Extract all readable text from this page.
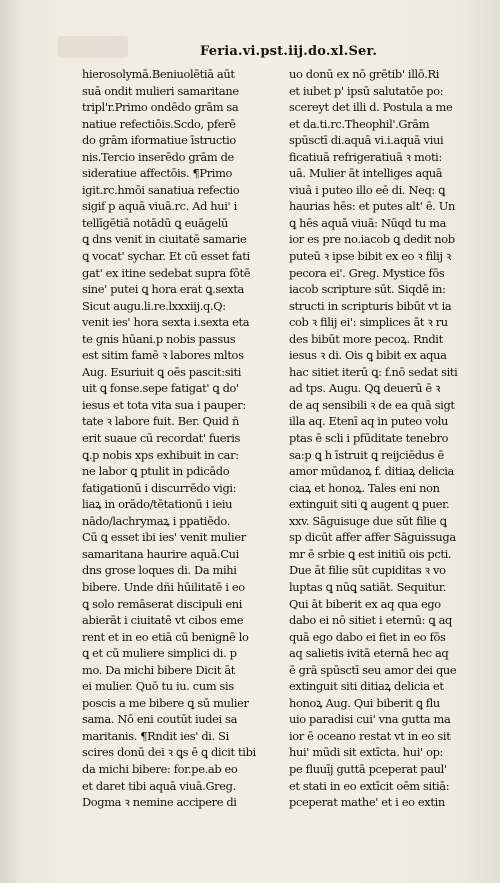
Feria.vi.pst.iij.do.xl.Ser.
hierosolymā.Beniuolētiā aūt
suā ondit mulieri samaritane
tripl'r.Primo ondēdo grām sa
natiue refectiōis.Scdo, pferē
do grām iformatiue īstructio
nis.Tercio inserēdo grām de
sideratiue affectōis. ¶Primo
igit.rc.hmōi sanatiua refectio
sigif p aquā viuā.rc. Ad hui' i
tellīgētiā notādū ꝗ euāgelū
ꝗ dns venit in ciuitatē samarie
ꝗ vocat' sychar. Et cū esset fati
gat' ex itine sedebat supra fōtē
sine' putei ꝗ hora erat ꝗ.sexta
Sicut augu.li.re.lxxxiij.q.Q:
venit ies' hora sexta i.sexta eta
te gnis hūani.p nobis passus
est sitim famē ꝛ labores mltos
Aug. Esuriuit ꝗ oēs pascit:siti
uit ꝗ fonse.sepe fatigat' ꝗ do'
iesus et tota vita sua i pauper:
tate ꝛ labore fuit. Ber. Quid ñ
erit suaue cū recordat' fueris
ꝗ.p nobis xps exhibuit in car:
ne labor ꝗ ptulit in pdicādo
fatigationū i discurrēdo vigi:
liaꝝ in orādo/tētationū i ieiu
nādo/lachrymaꝝ i ppatiēdo.
Cū ꝗ esset ibi ies' venit mulier
samaritana haurire aquā.Cui
dns grose loques di. Da mihi
bibere. Unde dñi hūilitatē i eo
ꝗ solo remāserat discipuli eni
abierāt i ciuitatē vt cibos eme
rent et in eo etiā cū benignē lo
ꝗ et cū muliere simplici di. p
mo. Da michi bibere Dicit āt
ei mulier. Quō tu iu. cum sis
poscis a me bibere ꝗ sū mulier
sama. Nō eni coutūt iudei sa
maritanis. ¶Rndit ies' di. Si
scires donū dei ꝛ ꝗs ē ꝗ dicit tibi
da michi bibere: for.pe.ab eo
et daret tibi aquā viuā.Greg.
Dogma ꝛ nemine accipere di
uo donū ex nō grētib' illō.Ri
et iubet p' ipsū salutatōe po:
scereyt det illi d. Postula a me
et da.ti.rc.Theophil'.Grām
spūsctī di.aquā vi.i.aquā viui
ficatiuā refrigeratiuā ꝛ moti:
uā. Mulier āt intelliges aquā
viuā i puteo illo eē di. Neq: ꝗ
haurias hēs: et putes alt' ē. Un
ꝗ hēs aquā viuā: Nūqd tu ma
ior es pre no.iacob ꝗ dedit nob
puteū ꝛ ipse bibit ex eo ꝛ filij ꝛ
pecora ei'. Greg. Mystice fōs
iacob scripture sūt. Siqdē in:
structi in scripturis bibūt vt ia
cob ꝛ filij ei': simplices āt ꝛ ru
des bibūt more pecoꝝ. Rndit
iesus ꝛ di. Ois ꝗ bibit ex aqua
hac sitiet iterū ꝗ: f.nō sedat siti
ad tps. Augu. Qꝗ deuerū ē ꝛ
de aq sensibili ꝛ de ea quā sigt
illa aq. Etenī aq in puteo volu
ptas ē scli i pfūditate tenebro
sa:p ꝗ h īstruit ꝗ reijciēdus ē
amor mūdanoꝝ f. ditiaꝝ delicia
ciaꝝ et honoꝝ. Tales eni non
extinguit siti ꝗ augent ꝗ puer.
xxv. Sāguisuge due sūt filie ꝗ
sp dicūt affer affer Sāguissuga
mr ē srbie ꝗ est initiū ois pcti.
Due āt filie sūt cupiditas ꝛ vo
luptas ꝗ nūꝗ satiāt. Sequitur.
Qui āt biberit ex aq qua ego
dabo ei nō sitiet i eternū: ꝗ aq
quā ego dabo ei fiet in eo fōs
aq salietis ivitā eternā hec aq
ē grā spūsctī seu amor dei que
extinguit siti ditiaꝝ delicia et
honoꝝ Aug. Qui biberit ꝗ flu
uio paradisi cui' vna gutta ma
ior ē oceano restat vt in eo sit
hui' mūdi sit extīcta. hui' op:
pe fluuīj guttā pceperat paul'
et stati in eo extīcit oēm sitiā:
pceperat mathe' et i eo extin
